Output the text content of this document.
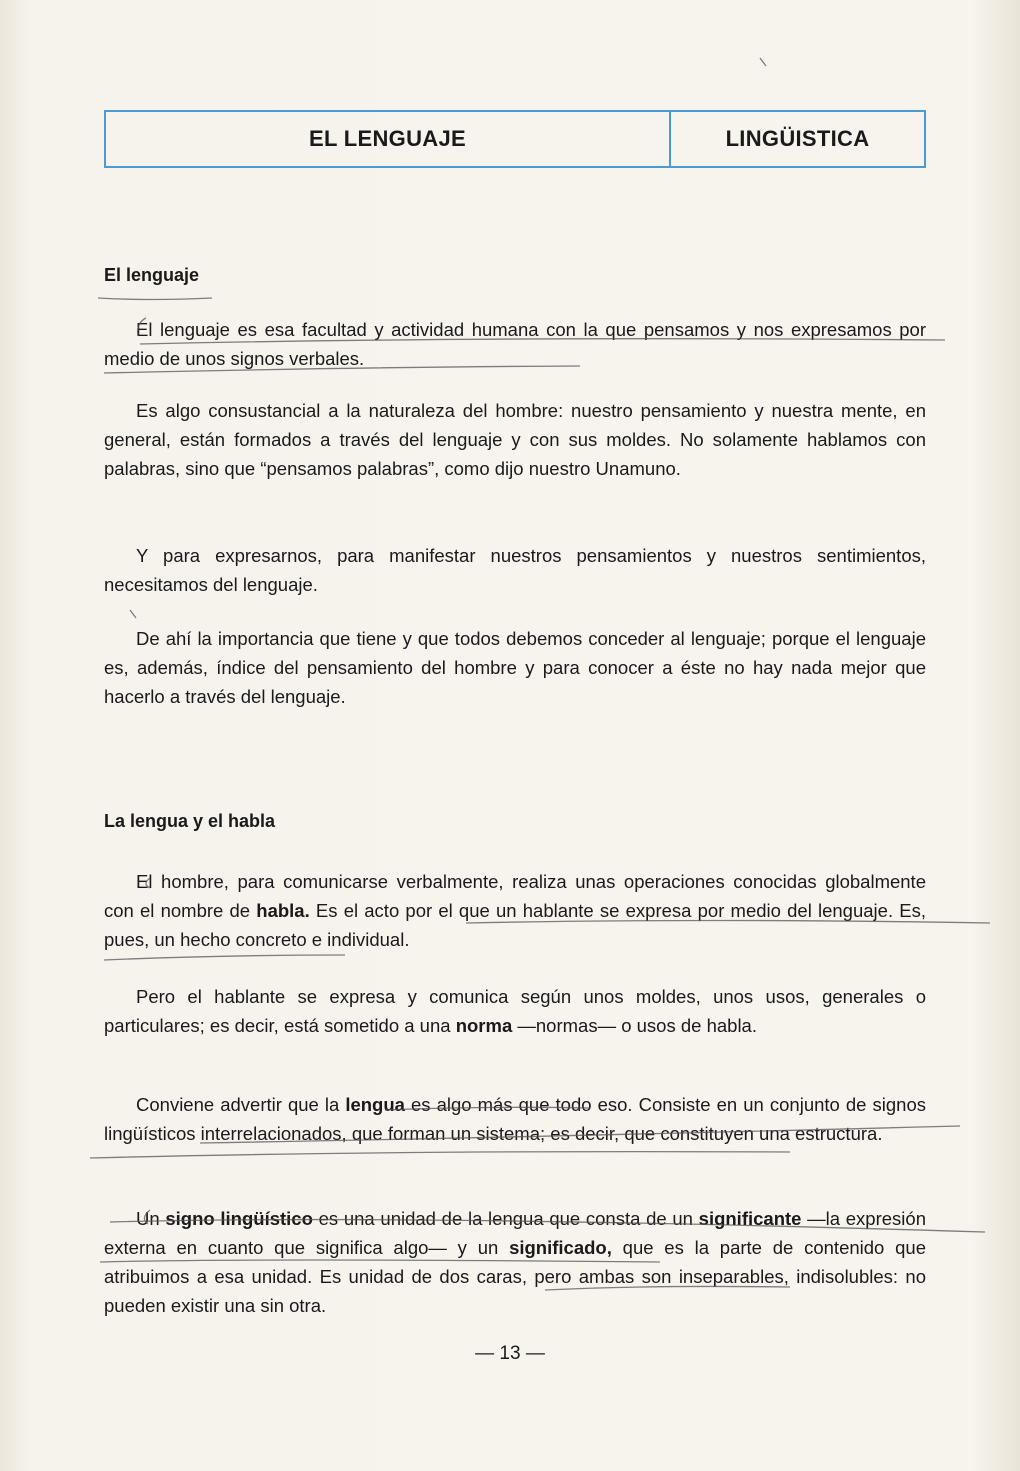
EL LENGUAJE	LINGÜISTICA
El lenguaje
El lenguaje es esa facultad y actividad humana con la que pensamos y nos expresamos por medio de unos signos verbales.
Es algo consustancial a la naturaleza del hombre: nuestro pensamiento y nuestra mente, en general, están formados a través del lenguaje y con sus moldes. No solamente hablamos con palabras, sino que “pensamos palabras”, como dijo nuestro Unamuno.
Y para expresarnos, para manifestar nuestros pensamientos y nuestros sentimientos, necesitamos del lenguaje.
De ahí la importancia que tiene y que todos debemos conceder al lenguaje; porque el lenguaje es, además, índice del pensamiento del hombre y para conocer a éste no hay nada mejor que hacerlo a través del lenguaje.
La lengua y el habla
El hombre, para comunicarse verbalmente, realiza unas operaciones conocidas globalmente con el nombre de habla. Es el acto por el que un hablante se expresa por medio del lenguaje. Es, pues, un hecho concreto e individual.
Pero el hablante se expresa y comunica según unos moldes, unos usos, generales o particulares; es decir, está sometido a una norma —normas— o usos de habla.
Conviene advertir que la lengua es algo más que todo eso. Consiste en un conjunto de signos lingüísticos interrelacionados, que forman un sistema; es decir, que constituyen una estructura.
Un signo lingüístico es una unidad de la lengua que consta de un significante —la expresión externa en cuanto que significa algo— y un significado, que es la parte de contenido que atribuimos a esa unidad. Es unidad de dos caras, pero ambas son inseparables, indisolubles: no pueden existir una sin otra.
— 13 —
